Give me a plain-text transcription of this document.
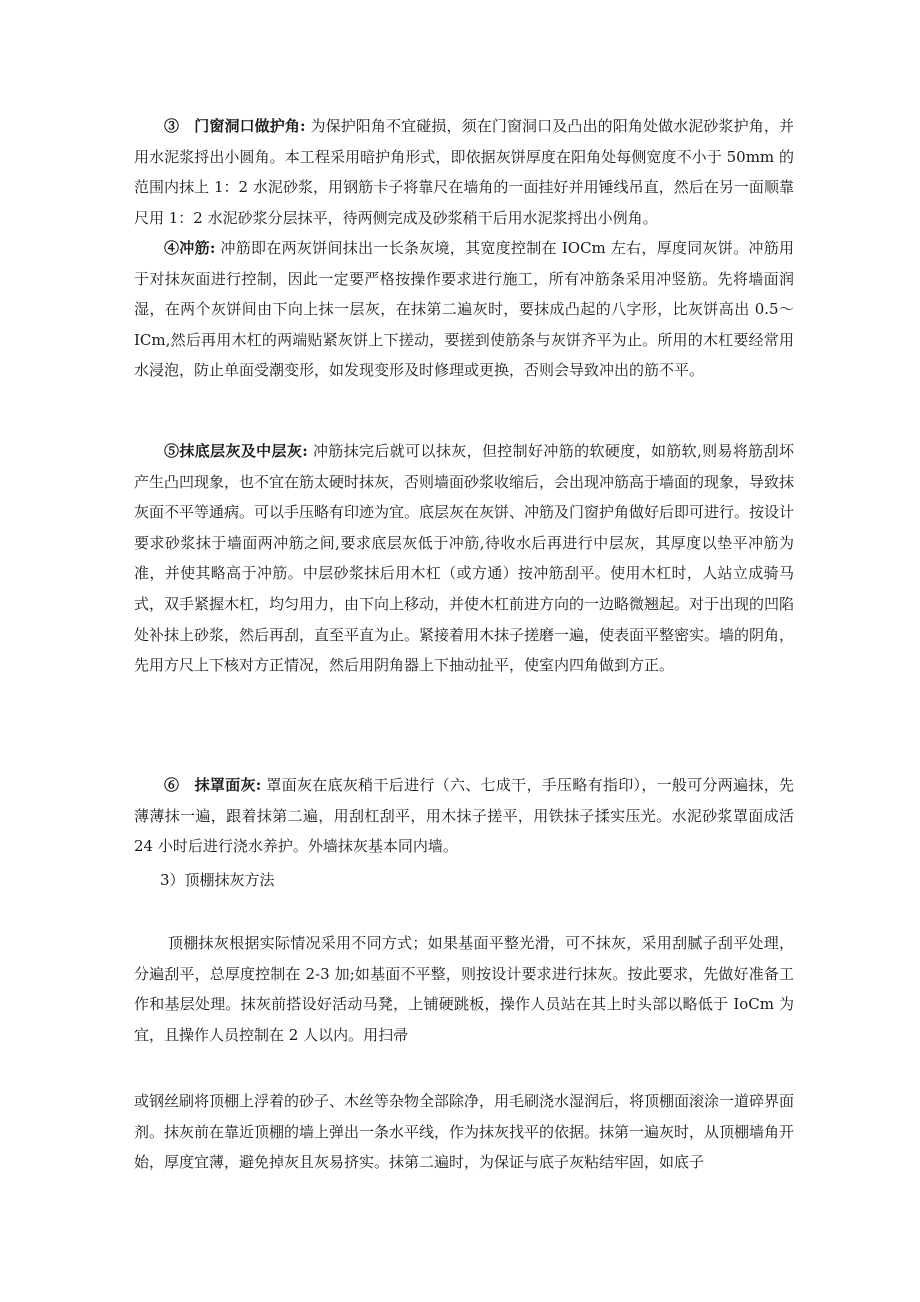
③　门窗洞口做护角: 为保护阳角不宜碰损，须在门窗洞口及凸出的阳角处做水泥砂浆护角，并用水泥浆捋出小圆角。本工程采用暗护角形式，即依据灰饼厚度在阳角处每侧宽度不小于 50mm 的范围内抹上 1：2 水泥砂浆，用钢筋卡子将靠尺在墙角的一面挂好并用锤线吊直，然后在另一面顺靠尺用 1：2 水泥砂浆分层抹平，待两侧完成及砂浆稍干后用水泥浆捋出小例角。

④冲筋: 冲筋即在两灰饼间抹出一长条灰境，其宽度控制在 IOCm 左右，厚度同灰饼。冲筋用于对抹灰面进行控制，因此一定要严格按操作要求进行施工，所有冲筋条采用冲竖筋。先将墙面润湿，在两个灰饼间由下向上抹一层灰，在抹第二遍灰时，要抹成凸起的八字形，比灰饼高出 0.5～ICm,然后再用木杠的两端贴紧灰饼上下搓动，要搓到使筋条与灰饼齐平为止。所用的木杠要经常用水浸泡，防止单面受潮变形，如发现变形及时修理或更换，否则会导致冲出的筋不平。

⑤抹底层灰及中层灰: 冲筋抹完后就可以抹灰，但控制好冲筋的软硬度，如筋软,则易将筋刮坏产生凸凹现象，也不宜在筋太硬时抹灰，否则墙面砂浆收缩后，会出现冲筋高于墙面的现象，导致抹灰面不平等通病。可以手压略有印迹为宜。底层灰在灰饼、冲筋及门窗护角做好后即可进行。按设计要求砂浆抹于墙面两冲筋之间,要求底层灰低于冲筋,待收水后再进行中层灰，其厚度以垫平冲筋为准，并使其略高于冲筋。中层砂浆抹后用木杠（或方通）按冲筋刮平。使用木杠时，人站立成骑马式，双手紧握木杠，均匀用力，由下向上移动，并使木杠前进方向的一边略微翘起。对于出现的凹陷处补抹上砂浆，然后再刮，直至平直为止。紧接着用木抹子搓磨一遍，使表面平整密实。墙的阴角，先用方尺上下核对方正情况，然后用阴角器上下抽动扯平，使室内四角做到方正。

⑥　抹罩面灰: 罩面灰在底灰稍干后进行（六、七成干，手压略有指印），一般可分两遍抹，先薄薄抹一遍，跟着抹第二遍，用刮杠刮平，用木抹子搓平，用铁抹子揉实压光。水泥砂浆罩面成活 24 小时后进行浇水养护。外墙抹灰基本同内墙。

3）顶棚抹灰方法

顶棚抹灰根据实际情况采用不同方式；如果基面平整光滑，可不抹灰，采用刮腻子刮平处理，分遍刮平，总厚度控制在 2-3 加;如基面不平整，则按设计要求进行抹灰。按此要求，先做好准备工作和基层处理。抹灰前搭设好活动马凳，上铺硬跳板，操作人员站在其上时头部以略低于 IoCm 为宜，且操作人员控制在 2 人以内。用扫帚

或钢丝刷将顶棚上浮着的砂子、木丝等杂物全部除净，用毛刷浇水湿润后，将顶棚面滚涂一道碎界面剂。抹灰前在靠近顶棚的墙上弹出一条水平线，作为抹灰找平的依据。抹第一遍灰时，从顶棚墙角开始，厚度宜薄，避免掉灰且灰易挤实。抹第二遍时，为保证与底子灰粘结牢固，如底子
